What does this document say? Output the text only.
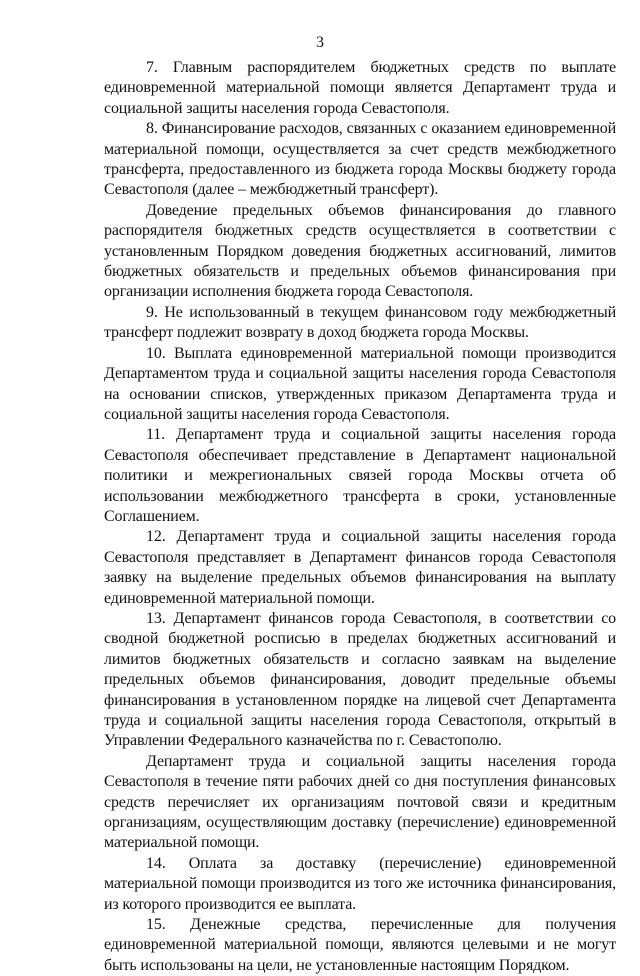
3

7. Главным распорядителем бюджетных средств по выплате единовременной материальной помощи является Департамент труда и социальной защиты населения города Севастополя.

8. Финансирование расходов, связанных с оказанием единовременной материальной помощи, осуществляется за счет средств межбюджетного трансферта, предоставленного из бюджета города Москвы бюджету города Севастополя (далее – межбюджетный трансферт).

Доведение предельных объемов финансирования до главного распорядителя бюджетных средств осуществляется в соответствии с установленным Порядком доведения бюджетных ассигнований, лимитов бюджетных обязательств и предельных объемов финансирования при организации исполнения бюджета города Севастополя.

9. Не использованный в текущем финансовом году межбюджетный трансферт подлежит возврату в доход бюджета города Москвы.

10. Выплата единовременной материальной помощи производится Департаментом труда и социальной защиты населения города Севастополя на основании списков, утвержденных приказом Департамента труда и социальной защиты населения города Севастополя.

11. Департамент труда и социальной защиты населения города Севастополя обеспечивает представление в Департамент национальной политики и межрегиональных связей города Москвы отчета об использовании межбюджетного трансферта в сроки, установленные Соглашением.

12. Департамент труда и социальной защиты населения города Севастополя представляет в Департамент финансов города Севастополя заявку на выделение предельных объемов финансирования на выплату единовременной материальной помощи.

13. Департамент финансов города Севастополя, в соответствии со сводной бюджетной росписью в пределах бюджетных ассигнований и лимитов бюджетных обязательств и согласно заявкам на выделение предельных объемов финансирования, доводит предельные объемы финансирования в установленном порядке на лицевой счет Департамента труда и социальной защиты населения города Севастополя, открытый в Управлении Федерального казначейства по г. Севастополю.

Департамент труда и социальной защиты населения города Севастополя в течение пяти рабочих дней со дня поступления финансовых средств перечисляет их организациям почтовой связи и кредитным организациям, осуществляющим доставку (перечисление) единовременной материальной помощи.

14. Оплата за доставку (перечисление) единовременной материальной помощи производится из того же источника финансирования, из которого производится ее выплата.

15. Денежные средства, перечисленные для получения единовременной материальной помощи, являются целевыми и не могут быть использованы на цели, не установленные настоящим Порядком.
